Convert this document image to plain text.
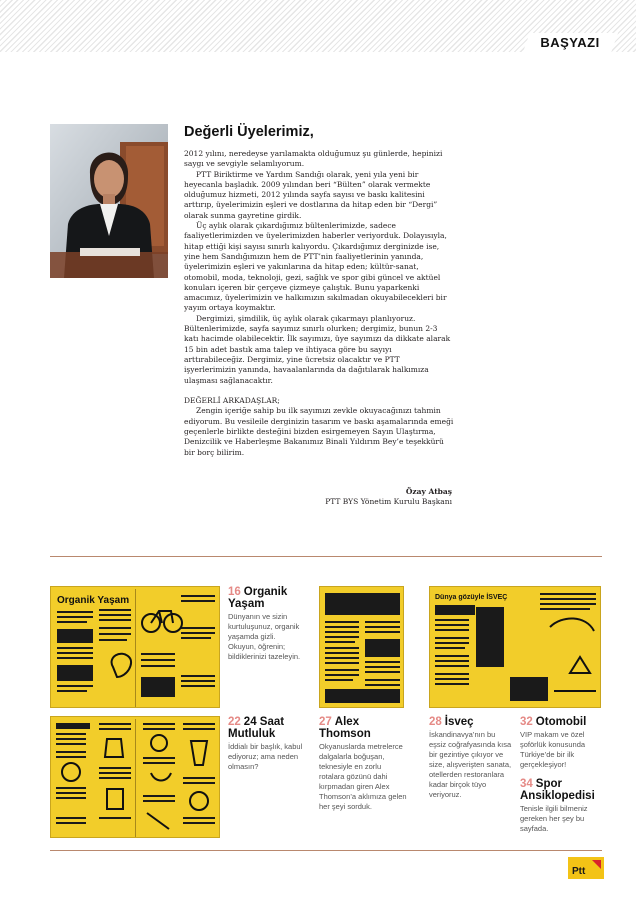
BAŞYAZI
Değerli Üyelerimiz,

2012 yılını, neredeyse yarılamakta olduğumuz şu günlerde, hepinizi saygı ve sevgiyle selamlıyorum.

PTT Biriktirme ve Yardım Sandığı olarak, yeni yıla yeni bir heyecanla başladık. 2009 yılından beri “Bülten” olarak vermekte olduğumuz hizmeti, 2012 yılında sayfa sayısı ve baskı kalitesini arttırıp, üyelerimizin eşleri ve dostlarına da hitap eden bir “Dergi” olarak sunma gayretine girdik.

Üç aylık olarak çıkardığımız bültenlerimizde, sadece faaliyetlerimizden ve üyelerimizden haberler veriyorduk. Dolayısıyla, hitap ettiği kişi sayısı sınırlı kalıyordu. Çıkardığımız derginizde ise, yine hem Sandığımızın hem de PTT’nin faaliyetlerinin yanında, üyelerimizin eşleri ve yakınlarına da hitap eden; kültür-sanat, otomobil, moda, teknoloji, gezi, sağlık ve spor gibi güncel ve aktüel konuları içeren bir çerçeve çizmeye çalıştık. Bunu yaparkenki amacımız, üyelerimizin ve halkımızın sıkılmadan okuyabilecekleri bir yayım ortaya koymaktır.

Dergimizi, şimdilik, üç aylık olarak çıkarmayı planlıyoruz. Bültenlerimizde, sayfa sayımız sınırlı olurken; dergimiz, bunun 2-3 katı hacimde olabilecektir. İlk sayımızı, üye sayımızı da dikkate alarak 15 bin adet bastık ama talep ve ihtiyaca göre bu sayıyı arttırabileceğiz. Dergimiz, yine ücretsiz olacaktır ve PTT işyerlerimizin yanında, havaalanlarında da dağıtılarak halkımıza ulaşması sağlanacaktır.

DEĞERLİ ARKADAŞLAR;

Zengin içeriğe sahip bu ilk sayımızı zevkle okuyacağınızı tahmin ediyorum. Bu vesileile derginizin tasarım ve baskı aşamalarında emeği geçenlerle birlikte desteğini bizden esirgemeyen Sayın Ulaştırma, Denizcilik ve Haberleşme Bakanımız Binali Yıldırım Bey’e teşekkürü bir borç bilirim.

Özay Atbaş
PTT BYS Yönetim Kurulu Başkanı
Organik Yaşam	Dünya gözüyle İSVEÇ
16 Organik Yaşam
Dünyanın ve sizin kurtuluşunuz, organik yaşamda gizli. Okuyun, öğrenin; bildiklerinizi tazeleyin.
22 24 Saat Mutluluk
İddialı bir başlık, kabul ediyoruz; ama neden olmasın?
27 Alex Thomson
Okyanuslarda metrelerce dalgalarla boğuşan, teknesiyle en zorlu rotalara gözünü dahi kırpmadan giren Alex Thomson’a aklımıza gelen her şeyi sorduk.
28 İsveç
İskandinavya’nın bu eşsiz coğrafyasında kısa bir gezintiye çıkıyor ve size, alışverişten sanata, otellerden restoranlara kadar birçok tüyo veriyoruz.
32 Otomobil
VIP makam ve özel şoförlük konusunda Türkiye’de bir ilk gerçekleşiyor!
34 Spor Ansiklopedisi
Tenisle ilgili bilmeniz gereken her şey bu sayfada.
Ptt
